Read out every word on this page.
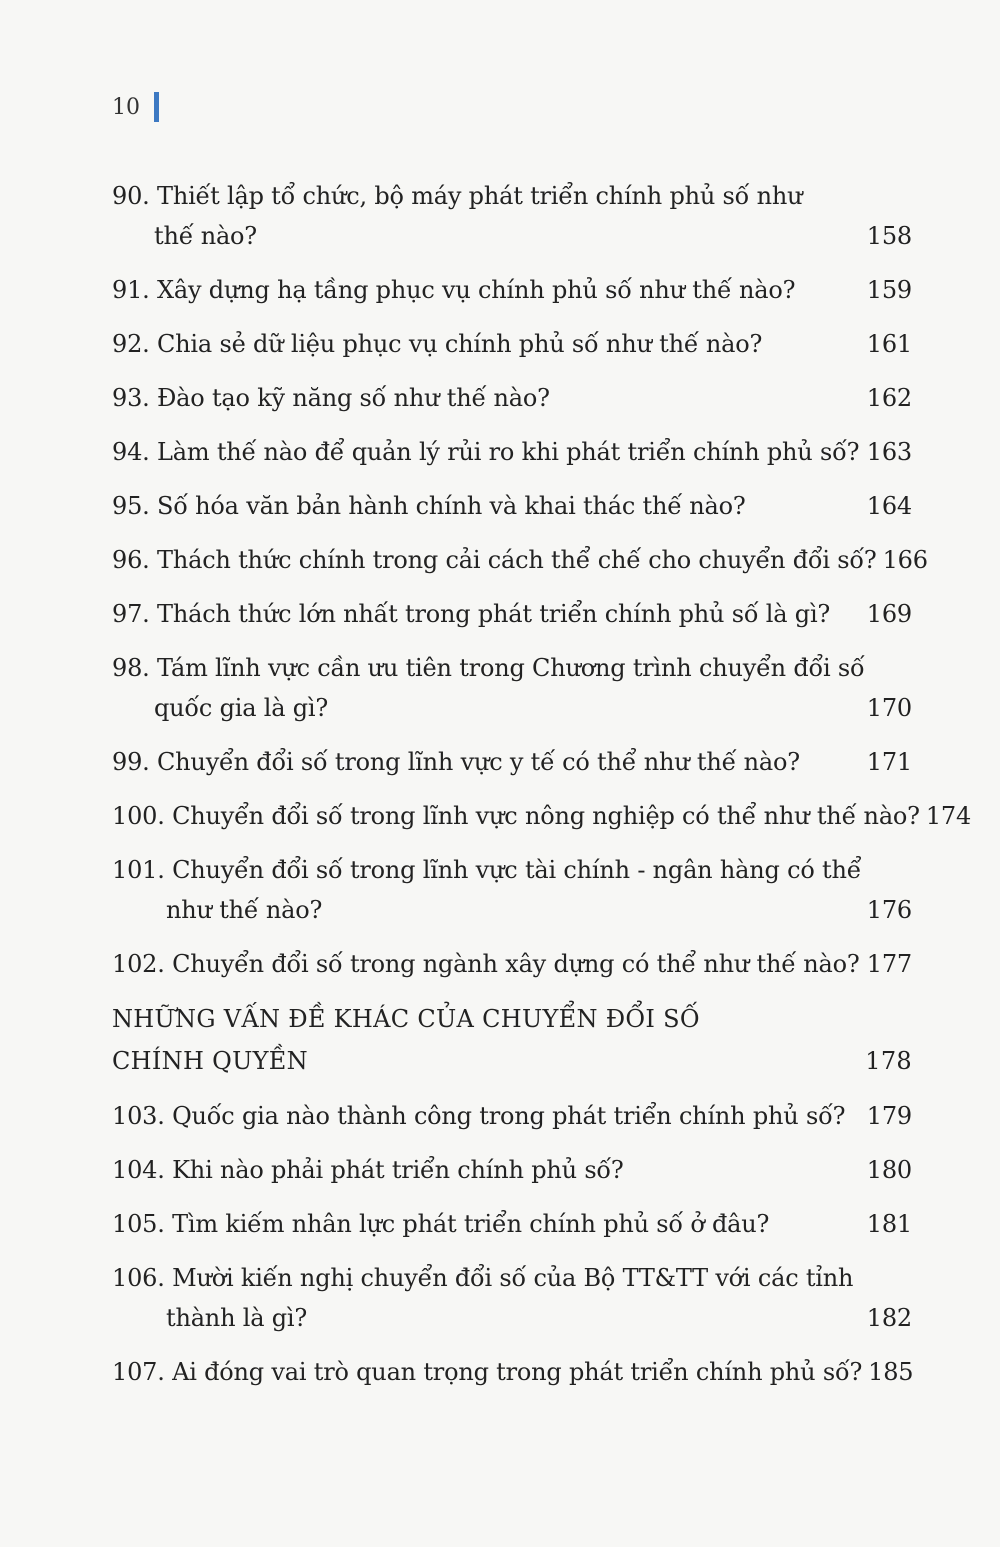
10
90. Thiết lập tổ chức, bộ máy phát triển chính phủ số như
thế nào?	158
91. Xây dựng hạ tầng phục vụ chính phủ số như thế nào?	159
92. Chia sẻ dữ liệu phục vụ chính phủ số như thế nào?	161
93. Đào tạo kỹ năng số như thế nào?	162
94. Làm thế nào để quản lý rủi ro khi phát triển chính phủ số? 163
95. Số hóa văn bản hành chính và khai thác thế nào?	164
96. Thách thức chính trong cải cách thể chế cho chuyển đổi số? 166
97. Thách thức lớn nhất trong phát triển chính phủ số là gì? 169
98. Tám lĩnh vực cần ưu tiên trong Chương trình chuyển đổi số
quốc gia là gì?	170
99. Chuyển đổi số trong lĩnh vực y tế có thể như thế nào?	171
100. Chuyển đổi số trong lĩnh vực nông nghiệp có thể như thế nào? 174
101. Chuyển đổi số trong lĩnh vực tài chính - ngân hàng có thể
như thế nào?	176
102. Chuyển đổi số trong ngành xây dựng có thể như thế nào? 177
NHỮNG VẤN ĐỀ KHÁC CỦA CHUYỂN ĐỔI SỐ
CHÍNH QUYỀN	178
103. Quốc gia nào thành công trong phát triển chính phủ số? 179
104. Khi nào phải phát triển chính phủ số?	180
105. Tìm kiếm nhân lực phát triển chính phủ số ở đâu?	181
106. Mười kiến nghị chuyển đổi số của Bộ TT&TT với các tỉnh
thành là gì?	182
107. Ai đóng vai trò quan trọng trong phát triển chính phủ số? 185
